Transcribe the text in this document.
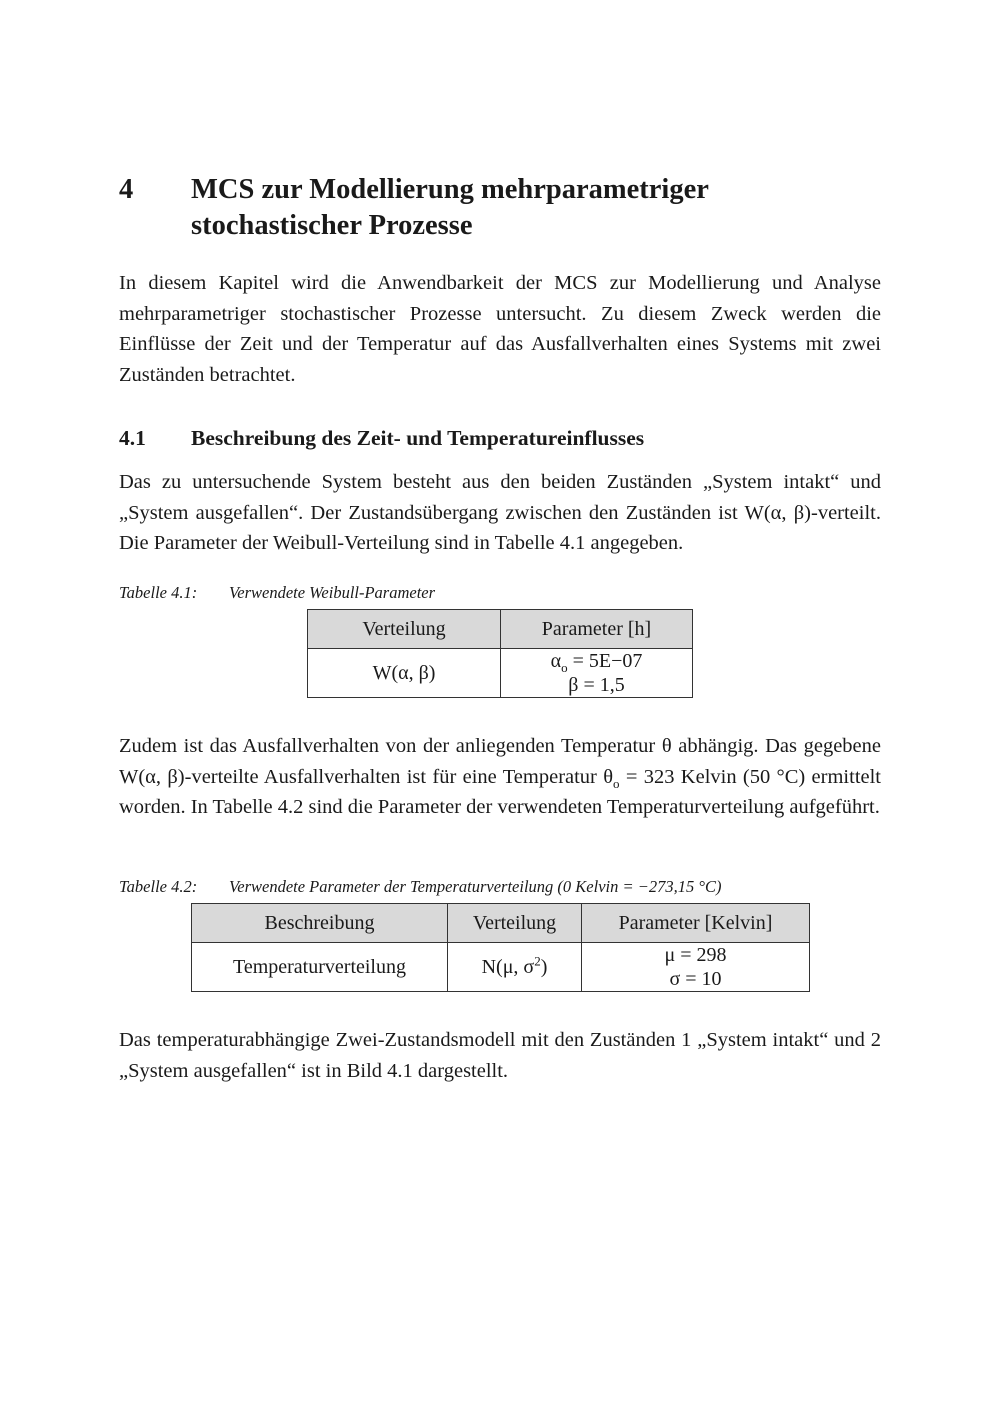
4 MCS zur Modellierung mehrparametriger stochastischer Prozesse

In diesem Kapitel wird die Anwendbarkeit der MCS zur Modellierung und Analyse mehrparametriger stochastischer Prozesse untersucht. Zu diesem Zweck werden die Einflüsse der Zeit und der Temperatur auf das Ausfallverhalten eines Systems mit zwei Zuständen betrachtet.

4.1 Beschreibung des Zeit- und Temperatureinflusses

Das zu untersuchende System besteht aus den beiden Zuständen „System intakt“ und „System ausgefallen“. Der Zustandsübergang zwischen den Zuständen ist W(α, β)-verteilt. Die Parameter der Weibull-Verteilung sind in Tabelle 4.1 angegeben.

Tabelle 4.1: Verwendete Weibull-Parameter
Verteilung	Parameter [h]
W(α, β)	$\alpha_o = 5E-07$
β = 1,5

Zudem ist das Ausfallverhalten von der anliegenden Temperatur θ abhängig. Das gegebene W(α, β)-verteilte Ausfallverhalten ist für eine Temperatur $\theta_o = 323$ Kelvin (50 °C) ermittelt worden. In Tabelle 4.2 sind die Parameter der verwendeten Temperaturverteilung aufgeführt.

Tabelle 4.2: Verwendete Parameter der Temperaturverteilung (0 Kelvin = −273,15 °C)
Beschreibung	Verteilung	Parameter [Kelvin]
Temperaturverteilung	N(μ, $\sigma^2$)	μ = 298
σ = 10

Das temperaturabhängige Zwei-Zustandsmodell mit den Zuständen 1 „System intakt“ und 2 „System ausgefallen“ ist in Bild 4.1 dargestellt.
